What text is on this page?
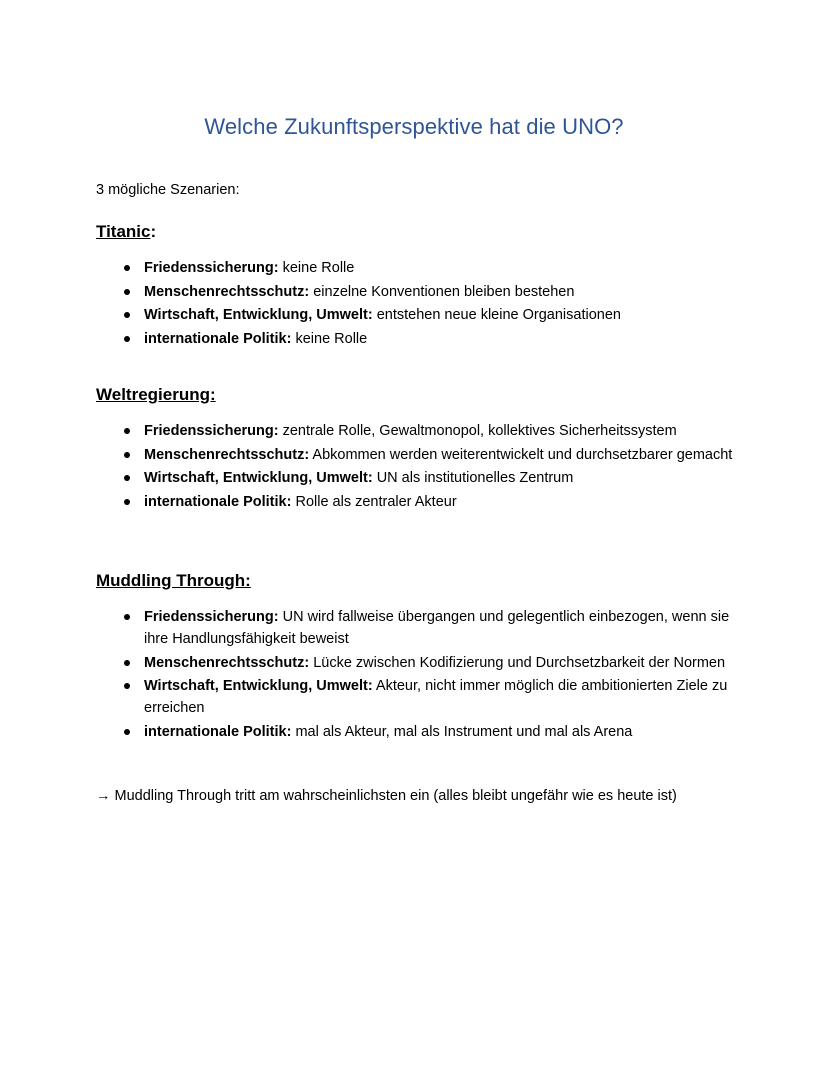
Welche Zukunftsperspektive hat die UNO?

3 mögliche Szenarien:

Titanic:
Friedenssicherung: keine Rolle
Menschenrechtsschutz: einzelne Konventionen bleiben bestehen
Wirtschaft, Entwicklung, Umwelt: entstehen neue kleine Organisationen
internationale Politik: keine Rolle
Weltregierung:
Friedenssicherung: zentrale Rolle, Gewaltmonopol, kollektives Sicherheitssystem
Menschenrechtsschutz: Abkommen werden weiterentwickelt und durchsetzbarer gemacht
Wirtschaft, Entwicklung, Umwelt: UN als institutionelles Zentrum
internationale Politik: Rolle als zentraler Akteur
Muddling Through:
Friedenssicherung: UN wird fallweise übergangen und gelegentlich einbezogen, wenn sie ihre Handlungsfähigkeit beweist
Menschenrechtsschutz: Lücke zwischen Kodifizierung und Durchsetzbarkeit der Normen
Wirtschaft, Entwicklung, Umwelt: Akteur, nicht immer möglich die ambitionierten Ziele zu erreichen
internationale Politik: mal als Akteur, mal als Instrument und mal als Arena

→ Muddling Through tritt am wahrscheinlichsten ein (alles bleibt ungefähr wie es heute ist)
